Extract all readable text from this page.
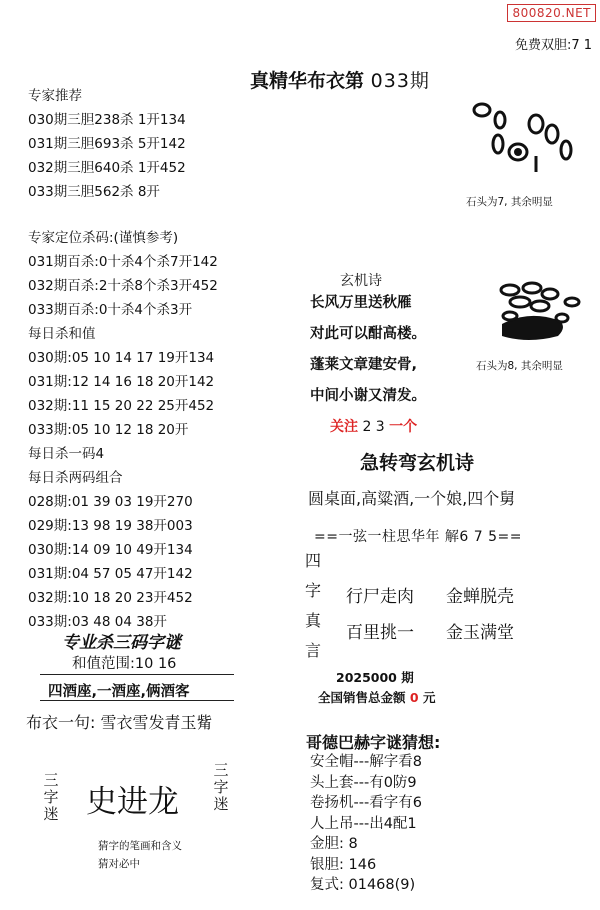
800820.NET
免费双胆:7 1
真精华布衣第 033期
专家推荐
030期三胆238杀 1开134
031期三胆693杀 5开142
032期三胆640杀 1开452
033期三胆562杀 8开
专家定位杀码:(谨慎参考)
031期百杀:0十杀4个杀7开142
032期百杀:2十杀8个杀3开452
033期百杀:0十杀4个杀3开
每日杀和值
030期:05 10 14 17 19开134
031期:12 14 16 18 20开142
032期:11 15 20 22 25开452
033期:05 10 12 18 20开
每日杀一码4
每日杀两码组合
028期:01 39 03 19开270
029期:13 98 19 38开003
030期:14 09 10 49开134
031期:04 57 05 47开142
032期:10 18 20 23开452
033期:03 48 04 38开
专业杀三码字谜
和值范围:10 16
四酒座,一酒座,俩酒客
布衣一句: 雪衣雪发青玉觜
三字迷 史进龙
三字迷
猜字的笔画和含义
猜对必中
石头为7, 其余明显
石头为8, 其余明显
玄机诗
长风万里送秋雁
对此可以酣高楼。
蓬莱文章建安骨,
中间小谢又清发。
关注 2 3 一个
急转弯玄机诗
圆桌面,高粱酒,一个娘,四个舅
==一弦一柱思华年 解6 7 5==
四字真言
行尸走肉 金蝉脱壳
百里挑一 金玉满堂
2025000 期
全国销售总金额 0 元
哥德巴赫字谜猜想:
安全帽---解字看8
头上套---有0防9
卷扬机---看字有6
人上吊---出4配1
金胆: 8
银胆: 146
复式: 01468(9)
